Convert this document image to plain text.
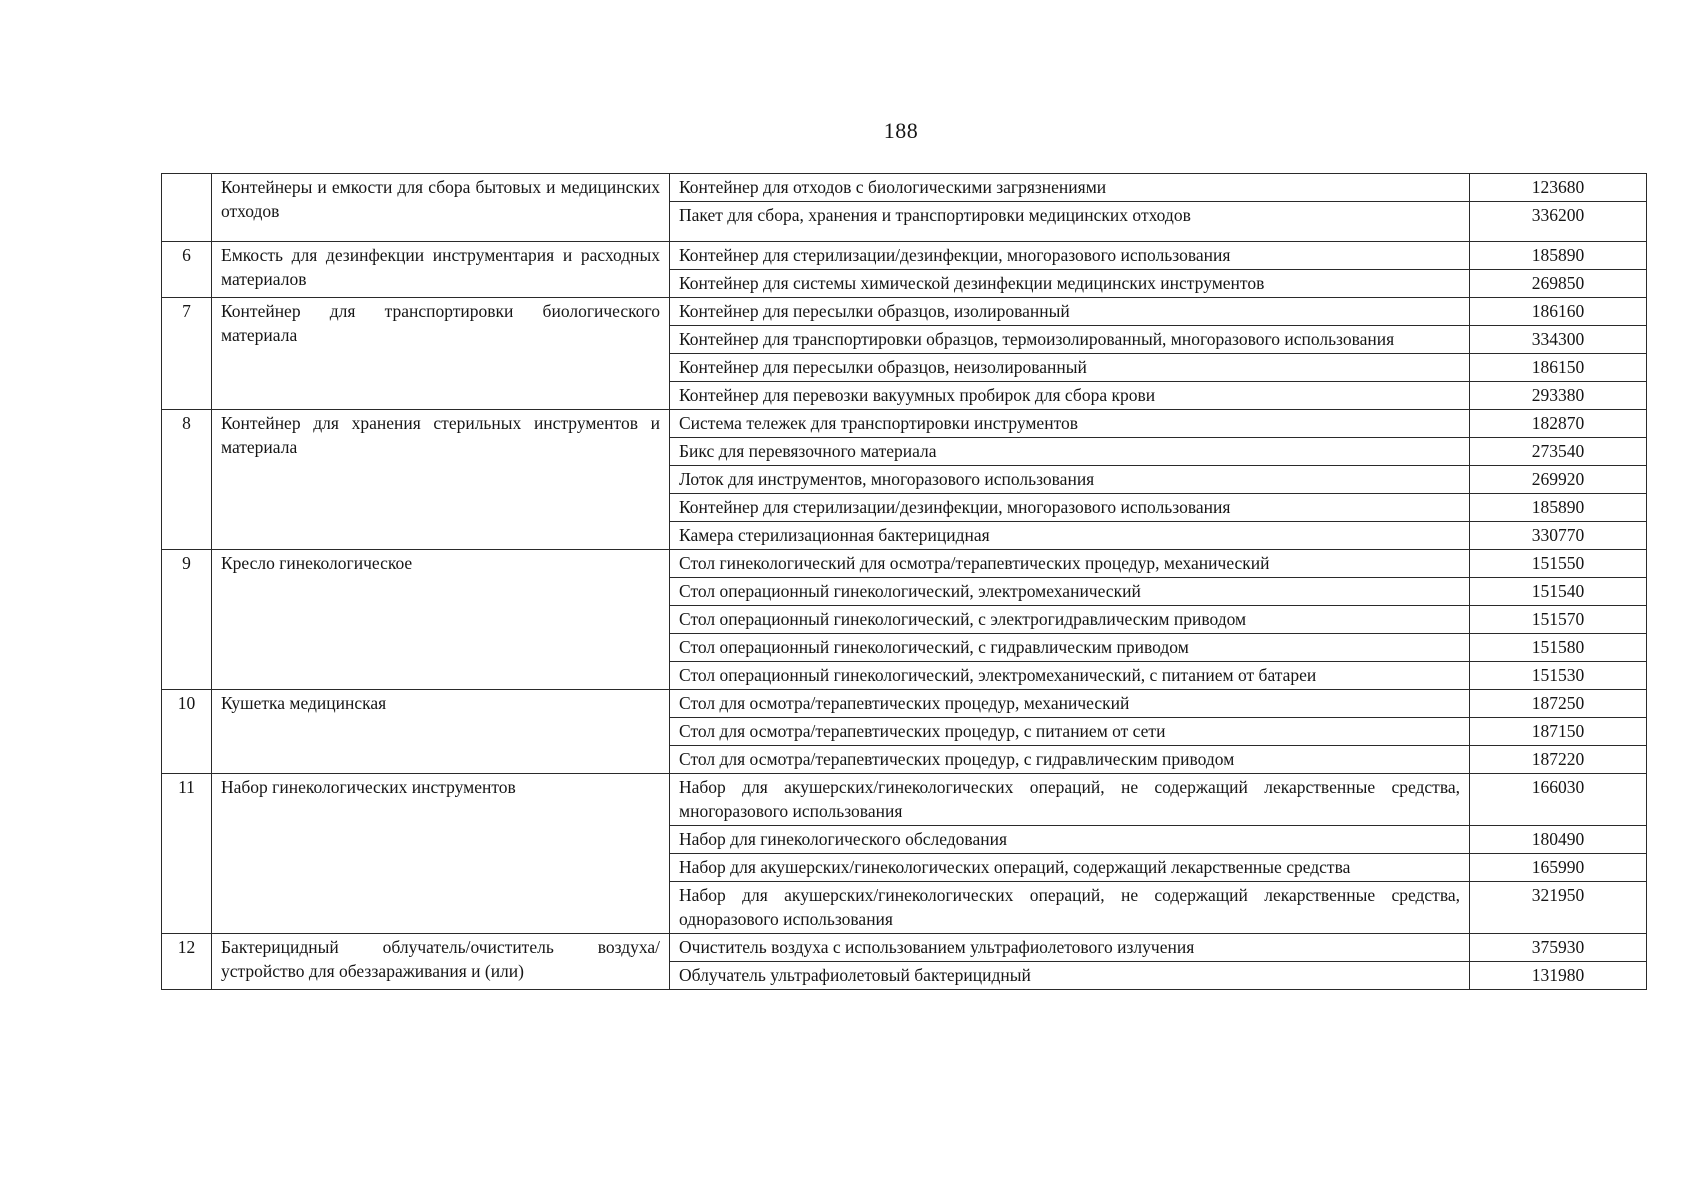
188
	Контейнеры и емкости для сбора бытовых и медицинских отходов	Контейнер для отходов с биологическими загрязнениями	123680
		Пакет для сбора, хранения и транспортировки медицинских отходов	336200
6	Емкость для дезинфекции инструментария и расходных материалов	Контейнер для стерилизации/дезинфекции, многоразового использования	185890
		Контейнер для системы химической дезинфекции медицинских инструментов	269850
7	Контейнер для транспортировки биологического материала	Контейнер для пересылки образцов, изолированный	186160
		Контейнер для транспортировки образцов, термоизолированный, многоразового использования	334300
		Контейнер для пересылки образцов, неизолированный	186150
		Контейнер для перевозки вакуумных пробирок для сбора крови	293380
8	Контейнер для хранения стерильных инструментов и материала	Система тележек для транспортировки инструментов	182870
		Бикс для перевязочного материала	273540
		Лоток для инструментов, многоразового использования	269920
		Контейнер для стерилизации/дезинфекции, многоразового использования	185890
		Камера стерилизационная бактерицидная	330770
9	Кресло гинекологическое	Стол гинекологический для осмотра/терапевтических процедур, механический	151550
		Стол операционный гинекологический, электромеханический	151540
		Стол операционный гинекологический, с электрогидравлическим приводом	151570
		Стол операционный гинекологический, с гидравлическим приводом	151580
		Стол операционный гинекологический, электромеханический, с питанием от батареи	151530
10	Кушетка медицинская	Стол для осмотра/терапевтических процедур, механический	187250
		Стол для осмотра/терапевтических процедур, с питанием от сети	187150
		Стол для осмотра/терапевтических процедур, с гидравлическим приводом	187220
11	Набор гинекологических инструментов	Набор для акушерских/гинекологических операций, не содержащий лекарственные средства, многоразового использования	166030
		Набор для гинекологического обследования	180490
		Набор для акушерских/гинекологических операций, содержащий лекарственные средства	165990
		Набор для акушерских/гинекологических операций, не содержащий лекарственные средства, одноразового использования	321950
12	Бактерицидный облучатель/очиститель воздуха/устройство для обеззараживания и (или)	Очиститель воздуха с использованием ультрафиолетового излучения	375930
		Облучатель ультрафиолетовый бактерицидный	131980
